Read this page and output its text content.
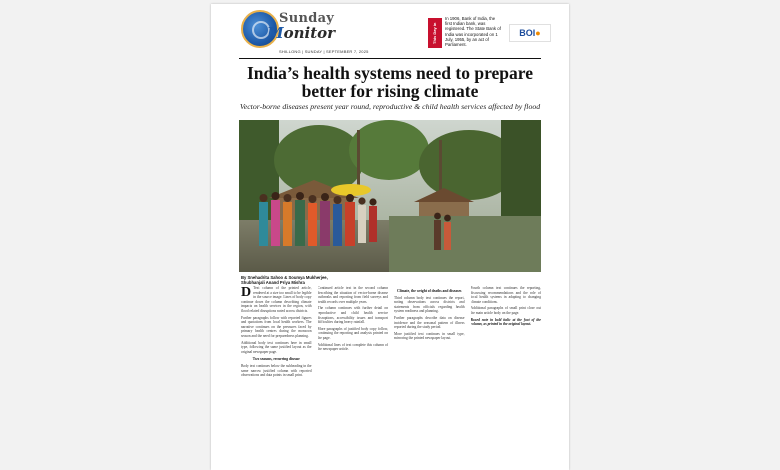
Sunday
Monitor
SHILLONG | SUNDAY | SEPTEMBER 7, 2025
This Day in HISTORY
In 1906, Bank of India, the first Indian bank, was registered. The State Bank of India was incorporated on 1 July, 1955, by an act of Parliament.
BOI ●
India’s health systems need to prepare better for rising climate
Vector-borne diseases present year round, reproductive & child health services affected by flood
By Snehadrita Sahoo & Soumya Mukherjee, Shubhanjali Anand Priya Mishra

D Text column of the printed article, rendered at a size too small to be legible in the source image. Lines of body copy continue down the column describing climate impacts on health services in the region, with flood related disruptions noted across districts.

Further paragraphs follow with reported figures and quotations from local health workers. The narrative continues on the pressures faced by primary health centres during the monsoon season and the need for preparedness planning.

Additional body text continues here in small type, following the same justified layout as the original newspaper page.

Two seasons, recurring disease

Body text continues below the subheading in the same narrow justified column with reported observations and data points in small print.

Continued article text in the second column describing the situation of vector-borne disease outbreaks and reporting from field surveys and health records over multiple years.

The column continues with further detail on reproductive and child health service disruptions, accessibility issues and transport difficulties during heavy rainfall.

More paragraphs of justified body copy follow, continuing the reporting and analysis printed on the page.

Additional lines of text complete this column of the newspaper article.

Climate, the weight of deaths and diseases

Third column body text continues the report, noting observations across districts and statements from officials regarding health system readiness and planning.

Further paragraphs describe data on disease incidence and the seasonal pattern of illness reported during the study period.

More justified text continues in small type, mirroring the printed newspaper layout.

Fourth column text continues the reporting, discussing recommendations and the role of local health systems in adapting to changing climate conditions.

Additional paragraphs of small print close out the main article body on the page.

Boxed note in bold italic at the foot of the column, as printed in the original layout.
